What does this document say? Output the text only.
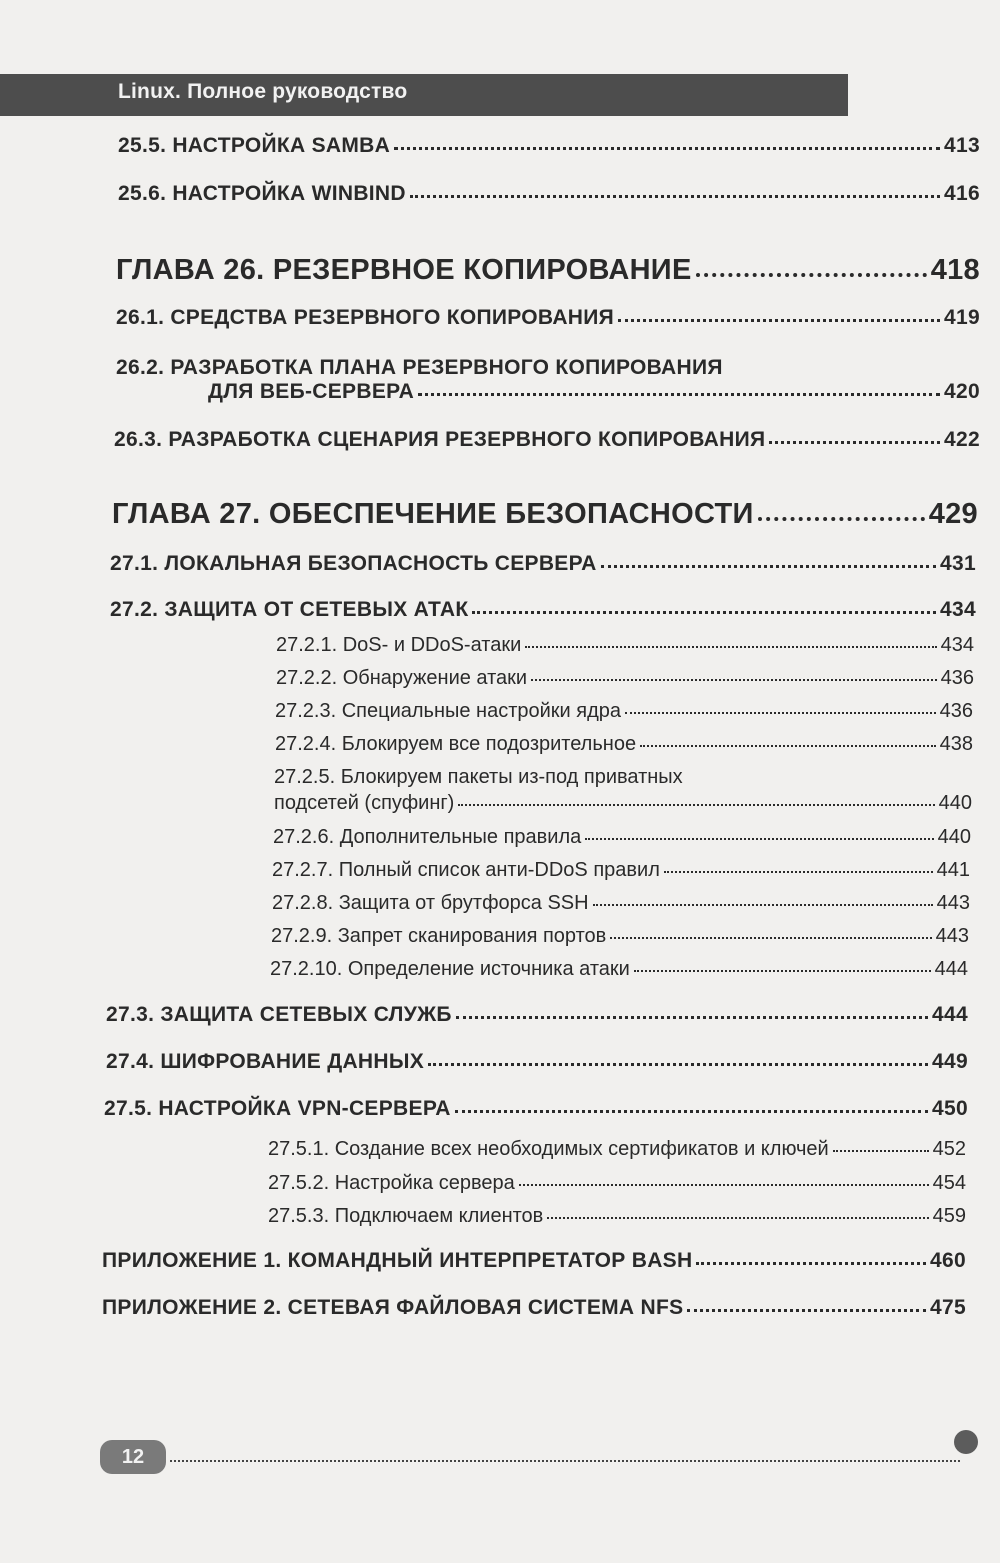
Linux. Полное руководство
25.5. НАСТРОЙКА SAMBA	413
25.6. НАСТРОЙКА WINBIND	416
ГЛАВА 26. РЕЗЕРВНОЕ КОПИРОВАНИЕ	418
26.1. СРЕДСТВА РЕЗЕРВНОГО КОПИРОВАНИЯ	419
26.2. РАЗРАБОТКА ПЛАНА РЕЗЕРВНОГО КОПИРОВАНИЯ
ДЛЯ ВЕБ-СЕРВЕРА	420
26.3. РАЗРАБОТКА СЦЕНАРИЯ РЕЗЕРВНОГО КОПИРОВАНИЯ	422
ГЛАВА 27. ОБЕСПЕЧЕНИЕ БЕЗОПАСНОСТИ	429
27.1. ЛОКАЛЬНАЯ БЕЗОПАСНОСТЬ СЕРВЕРА	431
27.2. ЗАЩИТА ОТ СЕТЕВЫХ АТАК	434
27.2.1. DoS- и DDoS-атаки	434
27.2.2. Обнаружение атаки	436
27.2.3. Специальные настройки ядра	436
27.2.4. Блокируем все подозрительное	438
27.2.5. Блокируем пакеты из-под приватных
подсетей (спуфинг)	440
27.2.6. Дополнительные правила	440
27.2.7. Полный список анти-DDoS правил	441
27.2.8. Защита от брутфорса SSH	443
27.2.9. Запрет сканирования портов	443
27.2.10. Определение источника атаки	444
27.3. ЗАЩИТА СЕТЕВЫХ СЛУЖБ	444
27.4. ШИФРОВАНИЕ ДАННЫХ	449
27.5. НАСТРОЙКА VPN-СЕРВЕРА	450
27.5.1. Создание всех необходимых сертификатов и ключей	452
27.5.2. Настройка сервера	454
27.5.3. Подключаем клиентов	459
ПРИЛОЖЕНИЕ 1. КОМАНДНЫЙ ИНТЕРПРЕТАТОР BASH	460
ПРИЛОЖЕНИЕ 2. СЕТЕВАЯ ФАЙЛОВАЯ СИСТЕМА NFS	475
12
